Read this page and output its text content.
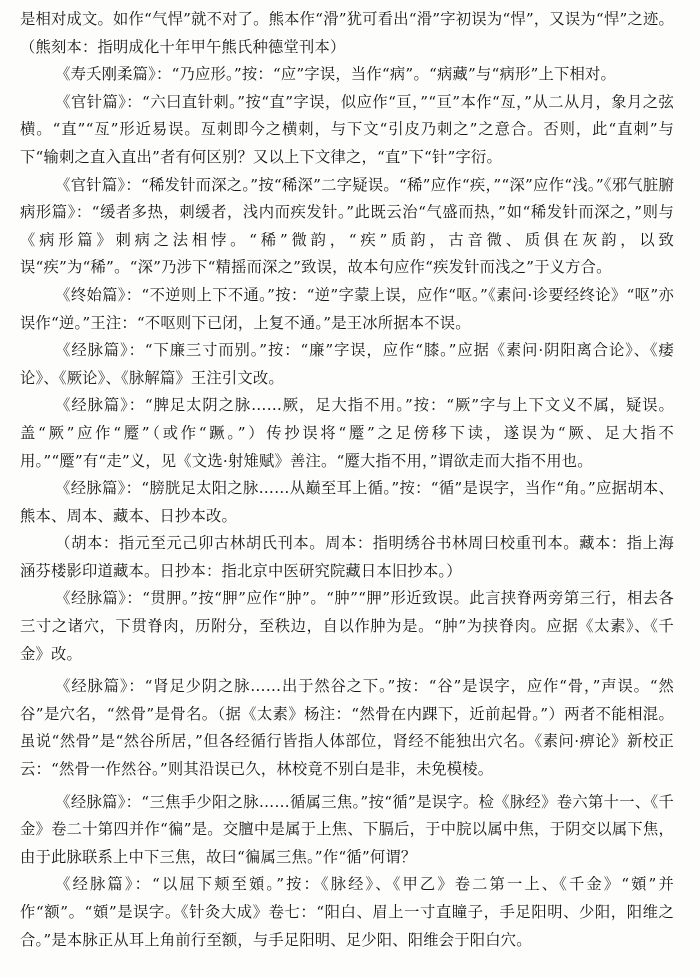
是相对成文。如作“气悍”就不对了。熊本作“滑”犹可看出“滑”字初误为“悍”，又误为“悍”之迹。（熊刻本：指明成化十年甲午熊氏种德堂刊本）

《寿夭刚柔篇》：“乃应形。”按：“应”字误，当作“病”。“病藏”与“病形”上下相对。

《官针篇》：“六曰直针刺。”按“直”字误，似应作“亘，”“亘”本作“亙，”从二从月，象月之弦横。“直”“亙”形近易误。亙刺即今之横刺，与下文“引皮乃刺之”之意合。否则，此“直刺”与下“输刺之直入直出”者有何区别？又以上下文律之，“直”下“针”字衍。

《官针篇》：“稀发针而深之。”按“稀深”二字疑误。“稀”应作“疾，”“深”应作“浅。”《邪气脏腑病形篇》：“缓者多热，刺缓者，浅内而疾发针。”此既云治“气盛而热，”如“稀发针而深之，”则与《病形篇》刺病之法相悖。“稀”微韵，“疾”质韵，古音微、质俱在灰韵，以致误“疾”为“稀”。“深”乃涉下“精摇而深之”致误，故本句应作“疾发针而浅之”于义方合。

《终始篇》：“不逆则上下不通。”按：“逆”字蒙上误，应作“呕。”《素问·诊要经终论》“呕”亦误作“逆。”王注：“不呕则下已闭，上复不通。”是王冰所据本不误。

《经脉篇》：“下廉三寸而别。”按：“廉”字误，应作“膝。”应据《素问·阴阳离合论》、《痿论》、《厥论》、《脉解篇》王注引文改。

《经脉篇》：“脾足太阴之脉……厥，足大指不用。”按：“厥”字与上下文义不属，疑误。盖“厥”应作“蹷”（或作“蹶。”）传抄误将“蹷”之足傍移下读，遂误为“厥、足大指不用。”“蹷”有“走”义，见《文选·射雉赋》善注。“蹷大指不用，”谓欲走而大指不用也。

《经脉篇》：“膀胱足太阳之脉……从巅至耳上循。”按：“循”是误字，当作“角。”应据胡本、熊本、周本、藏本、日抄本改。

（胡本：指元至元己卯古林胡氏刊本。周本：指明绣谷书林周曰校重刊本。藏本：指上海涵芬楼影印道藏本。日抄本：指北京中医研究院藏日本旧抄本。）

《经脉篇》：“贯胛。”按“胛”应作“肿”。“肿”“胛”形近致误。此言挟脊两旁第三行，相去各三寸之诸穴，下贯脊肉，历附分，至秩边，自以作肿为是。“肿”为挟脊肉。应据《太素》、《千金》改。

《经脉篇》：“肾足少阴之脉……出于然谷之下。”按：“谷”是误字，应作“骨，”声误。“然谷”是穴名，“然骨”是骨名。（据《太素》杨注：“然骨在内踝下，近前起骨。”）两者不能相混。虽说“然骨”是“然谷所居，”但各经循行皆指人体部位，肾经不能独出穴名。《素问·痹论》新校正云：“然骨一作然谷。”则其沿误已久，林校竟不别白是非，未免模棱。

《经脉篇》：“三焦手少阳之脉……循属三焦。”按“循”是误字。检《脉经》卷六第十一、《千金》卷二十第四并作“徧”是。交膻中是属于上焦、下膈后，于中脘以属中焦，于阴交以属下焦，由于此脉联系上中下三焦，故曰“徧属三焦。”作“循”何谓？

《经脉篇》：“以屈下颊至頞。”按：《脉经》、《甲乙》卷二第一上、《千金》“頞”并作“额”。“頞”是误字。《针灸大成》卷七：“阳白、眉上一寸直瞳子，手足阳明、少阳，阳维之合。”是本脉正从耳上角前行至额，与手足阳明、足少阳、阳维会于阳白穴。
